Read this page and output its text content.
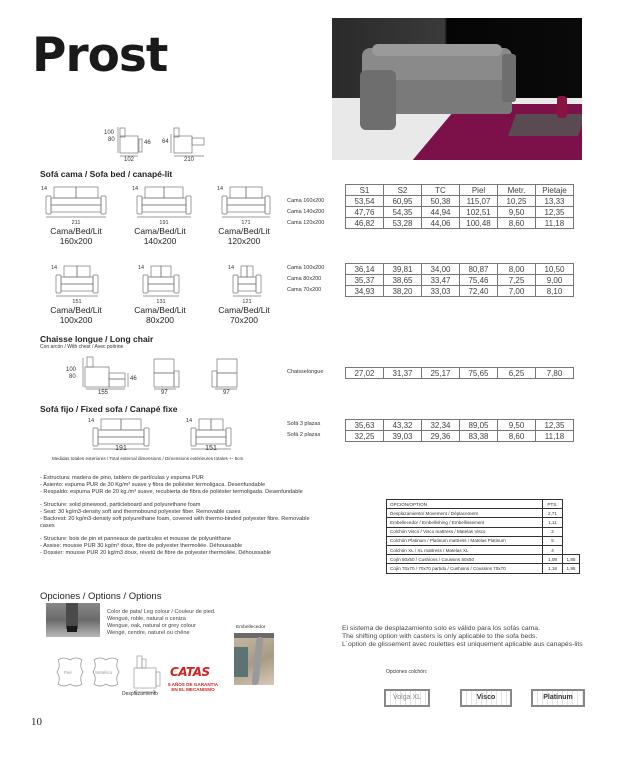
Prost
100
80	46
102
64
210
Sofá cama / Sofa bed / canapé-lit
14
211
Cama/Bed/Lit
160x200
14
191
Cama/Bed/Lit
140x200
14
171
Cama/Bed/Lit
120x200
14
151
Cama/Bed/Lit
100x200
14
131
Cama/Bed/Lit
80x200
14
121
Cama/Bed/Lit
70x200
Chaisse longue / Long chair
Con arcón / With chest / Avec poitrine
100
80	46
155	97	97
Sofá fijo / Fixed sofa / Canapé fixe
14
191
14
151
Medidas totales exteriores / Total external dimensions / Dimensions extérieures totales +- 5cm
Cama 160x200
Cama 140x200
Cama 120x200
S1	S2	TC	Piel	Metr.	Pietaje
53,54	60,95	50,38	115,07	10,25	13,33
47,76	54,35	44,94	102,51	9,50	12,35
46,82	53,28	44,06	100,48	8,60	11,18
Cama 100x200
Cama 80x200
Cama 70x200
36,14	39,81	34,00	80,87	8,00	10,50
35,37	38,65	33,47	75,46	7,25	9,00
34,93	38,20	33,03	72,40	7,00	8,10
Chaisselongue	27,02	31,37	25,17	75,65	6,25	7,80
Sofá 3 plazas
Sofá 2 plazas
35,63	43,32	32,34	89,05	9,50	12,35
32,25	39,03	29,36	83,38	8,60	11,18

- Estructura: madera de pino, tablero de partículas y espuma PUR

- Asiento: espuma PUR de 30 Kg/m³ suave y fibra de poliéster termoligaca. Desenfundable

- Respaldo: espuma PUR de 20 kg./m³ suave, recubierta de fibra de poliéster termoligada. Desenfundable

- Structure: solid pinewood, particleboard and polyurethane foam

- Seat: 30 kg/m3-density soft and thermobound polyester fiber. Removable cases

- Backrest: 20 kg/m3-density soft polyurethane foam, covered with thermo-binded polyester fibre. Removable cases

- Structure: bois de pin et panneaux de particules et mousse de polyuréthane

- Assise: mousse PUR 30 kg/m³ doux, fibre de polyester thermoliée. Déhoussable

- Dossier: mousse PUR 20 kg/m3 doux, révetû de fibre de polyester thermoliée. Déhoussable

Opciones / Options / Options
Color de pata/ Leg colour / Couleur de pied.
Wengué, roble, natural o ceniza
Wengue, oak, natural or grey colour
Wengé, cendre, naturel ou chêne
Embellecedor
Piel	Sintético
Desplazamiento
CATAS
5 AÑOS DE GARANTIA
EN EL MECANISMO
10
OPCIÓN/OPTION	PTS.	
Desplazamiento/ Movement / Déplacement	2,71	
Embellecedor / Embellishing / Embellissement	1,11	
Colchón Visco / Visco mattress / Matelas Visco	2	
Colchón Platinum / Platinum mattress / Matelas Platinum	5	
Colchón XL / XL mattress / Matelas XL	4	
Cojín 50x50 / Cushions / Coussins 50x50	1,08	1,85
Cojín 70x70 / 70x70 partido / Cushions / Coussins 70x70	1,18	1,95
El sistema de desplazamiento solo es válido para los sofás cama.
The shifting option with casters is only aplicable to the sofa beds.
L´option de glissement avec roulettes est uniquement aplicable aus canapés-lits
Opciones colchón:
Volga XL	Visco	Platinum
